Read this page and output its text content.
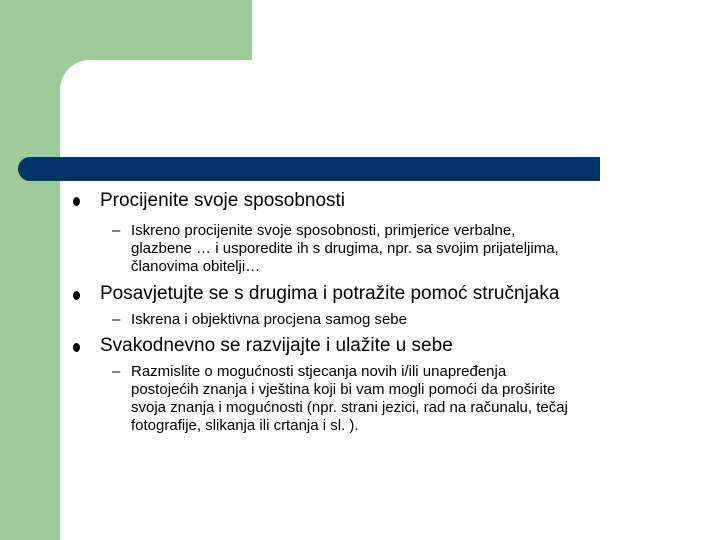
Procijenite svoje sposobnosti
– Iskreno procijenite svoje sposobnosti, primjerice verbalne,
glazbene … i usporedite ih s drugima, npr. sa svojim prijateljima,
članovima obitelji…
Posavjetujte se s drugima i potražite pomoć stručnjaka
– Iskrena i objektivna procjena samog sebe
Svakodnevno se razvijajte i ulažite u sebe
– Razmislite o mogućnosti stjecanja novih i/ili unapređenja
postojećih znanja i vještina koji bi vam mogli pomoći da proširite
svoja znanja i mogućnosti (npr. strani jezici, rad na računalu, tečaj
fotografije, slikanja ili crtanja i sl. ).
